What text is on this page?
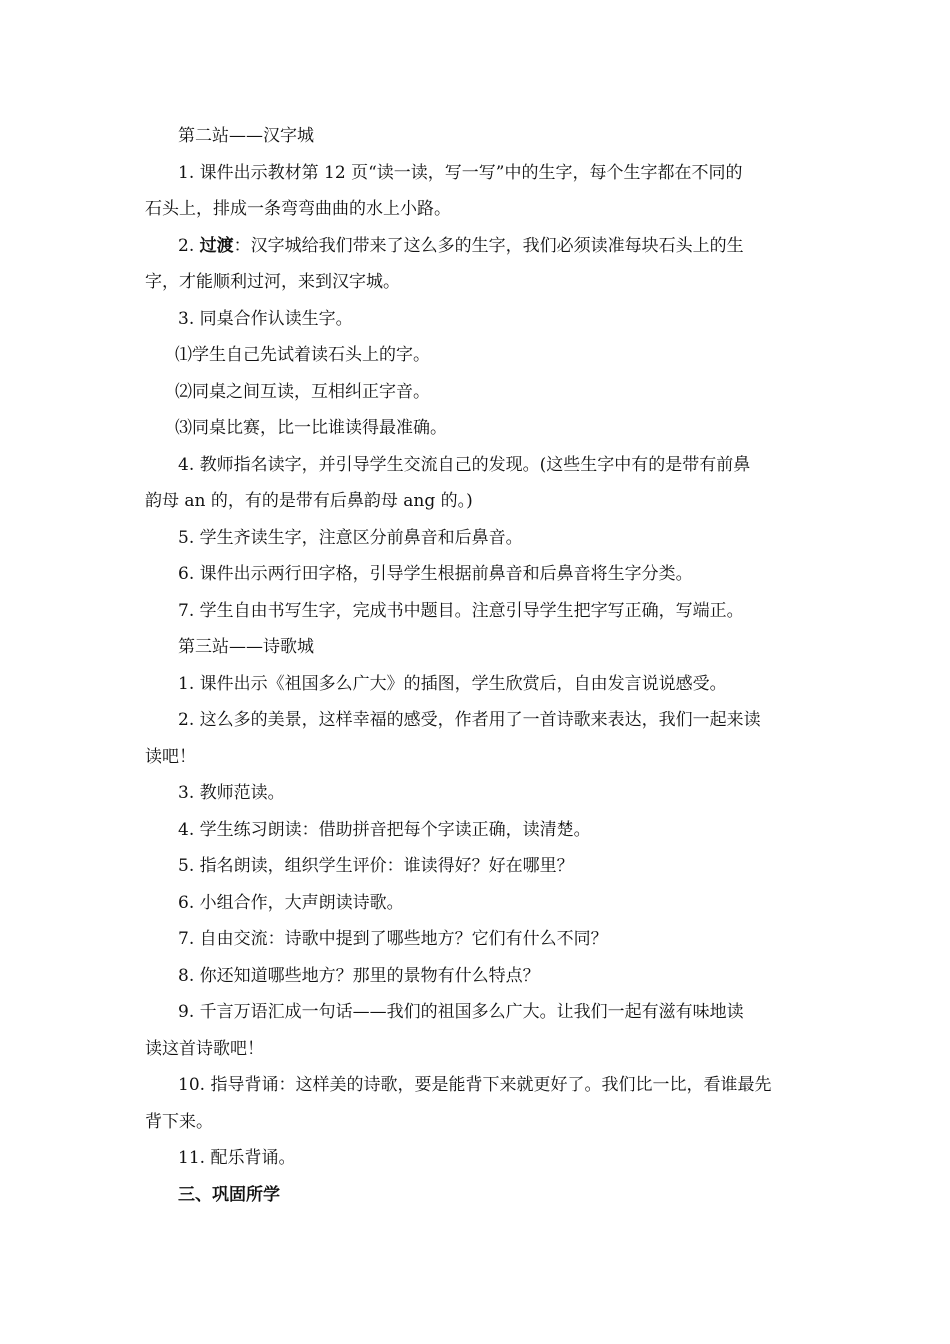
第二站——汉字城

1. 课件出示教材第 12 页“读一读，写一写”中的生字，每个生字都在不同的

石头上，排成一条弯弯曲曲的水上小路。

2. 过渡：汉字城给我们带来了这么多的生字，我们必须读准每块石头上的生

字，才能顺利过河，来到汉字城。

3. 同桌合作认读生字。

⑴学生自己先试着读石头上的字。

⑵同桌之间互读，互相纠正字音。

⑶同桌比赛，比一比谁读得最准确。

4. 教师指名读字，并引导学生交流自己的发现。(这些生字中有的是带有前鼻

韵母 an 的，有的是带有后鼻韵母 ang 的。)

5. 学生齐读生字，注意区分前鼻音和后鼻音。

6. 课件出示两行田字格，引导学生根据前鼻音和后鼻音将生字分类。

7. 学生自由书写生字，完成书中题目。注意引导学生把字写正确，写端正。

第三站——诗歌城

1. 课件出示《祖国多么广大》的插图，学生欣赏后，自由发言说说感受。

2. 这么多的美景，这样幸福的感受，作者用了一首诗歌来表达，我们一起来读

读吧！

3. 教师范读。

4. 学生练习朗读：借助拼音把每个字读正确，读清楚。

5. 指名朗读，组织学生评价：谁读得好？好在哪里？

6. 小组合作，大声朗读诗歌。

7. 自由交流：诗歌中提到了哪些地方？它们有什么不同？

8. 你还知道哪些地方？那里的景物有什么特点？

9. 千言万语汇成一句话——我们的祖国多么广大。让我们一起有滋有味地读

读这首诗歌吧！

10. 指导背诵：这样美的诗歌，要是能背下来就更好了。我们比一比，看谁最先

背下来。

11. 配乐背诵。

三、巩固所学
